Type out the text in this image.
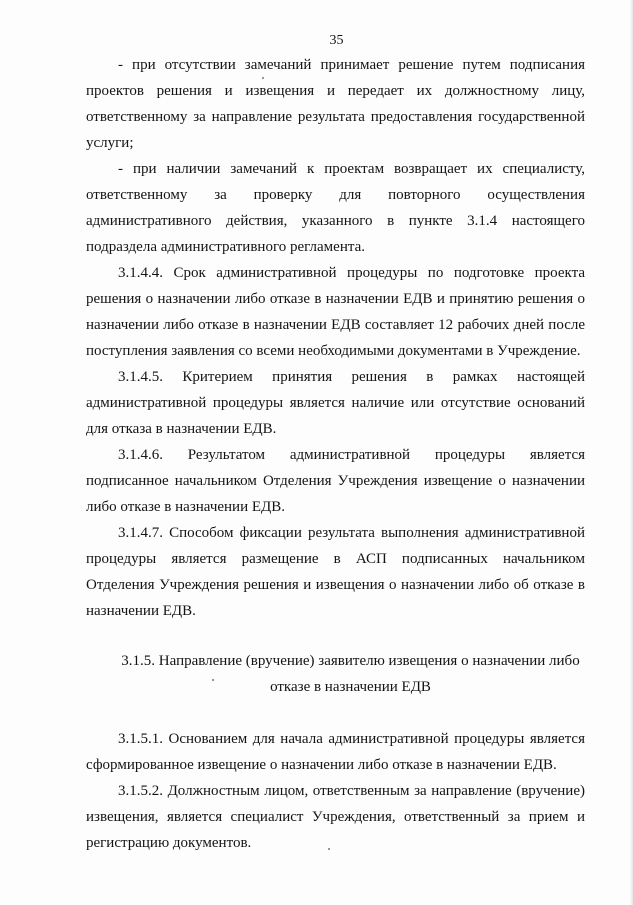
35

- при отсутствии замечаний принимает решение путем подписания проектов решения и извещения и передает их должностному лицу, ответственному за направление результата предоставления государственной услуги;

- при наличии замечаний к проектам возвращает их специалисту, ответственному за проверку для повторного осуществления административного действия, указанного в пункте 3.1.4 настоящего подраздела административного регламента.

3.1.4.4. Срок административной процедуры по подготовке проекта решения о назначении либо отказе в назначении ЕДВ и принятию решения о назначении либо отказе в назначении ЕДВ составляет 12 рабочих дней после поступления заявления со всеми необходимыми документами в Учреждение.

3.1.4.5. Критерием принятия решения в рамках настоящей административной процедуры является наличие или отсутствие оснований для отказа в назначении ЕДВ.

3.1.4.6. Результатом административной процедуры является подписанное начальником Отделения Учреждения извещение о назначении либо отказе в назначении ЕДВ.

3.1.4.7. Способом фиксации результата выполнения административной процедуры является размещение в АСП подписанных начальником Отделения Учреждения решения и извещения о назначении либо об отказе в назначении ЕДВ.

3.1.5. Направление (вручение) заявителю извещения о назначении либо

отказе в назначении ЕДВ

3.1.5.1. Основанием для начала административной процедуры является сформированное извещение о назначении либо отказе в назначении ЕДВ.

3.1.5.2. Должностным лицом, ответственным за направление (вручение) извещения, является специалист Учреждения, ответственный за прием и регистрацию документов.
